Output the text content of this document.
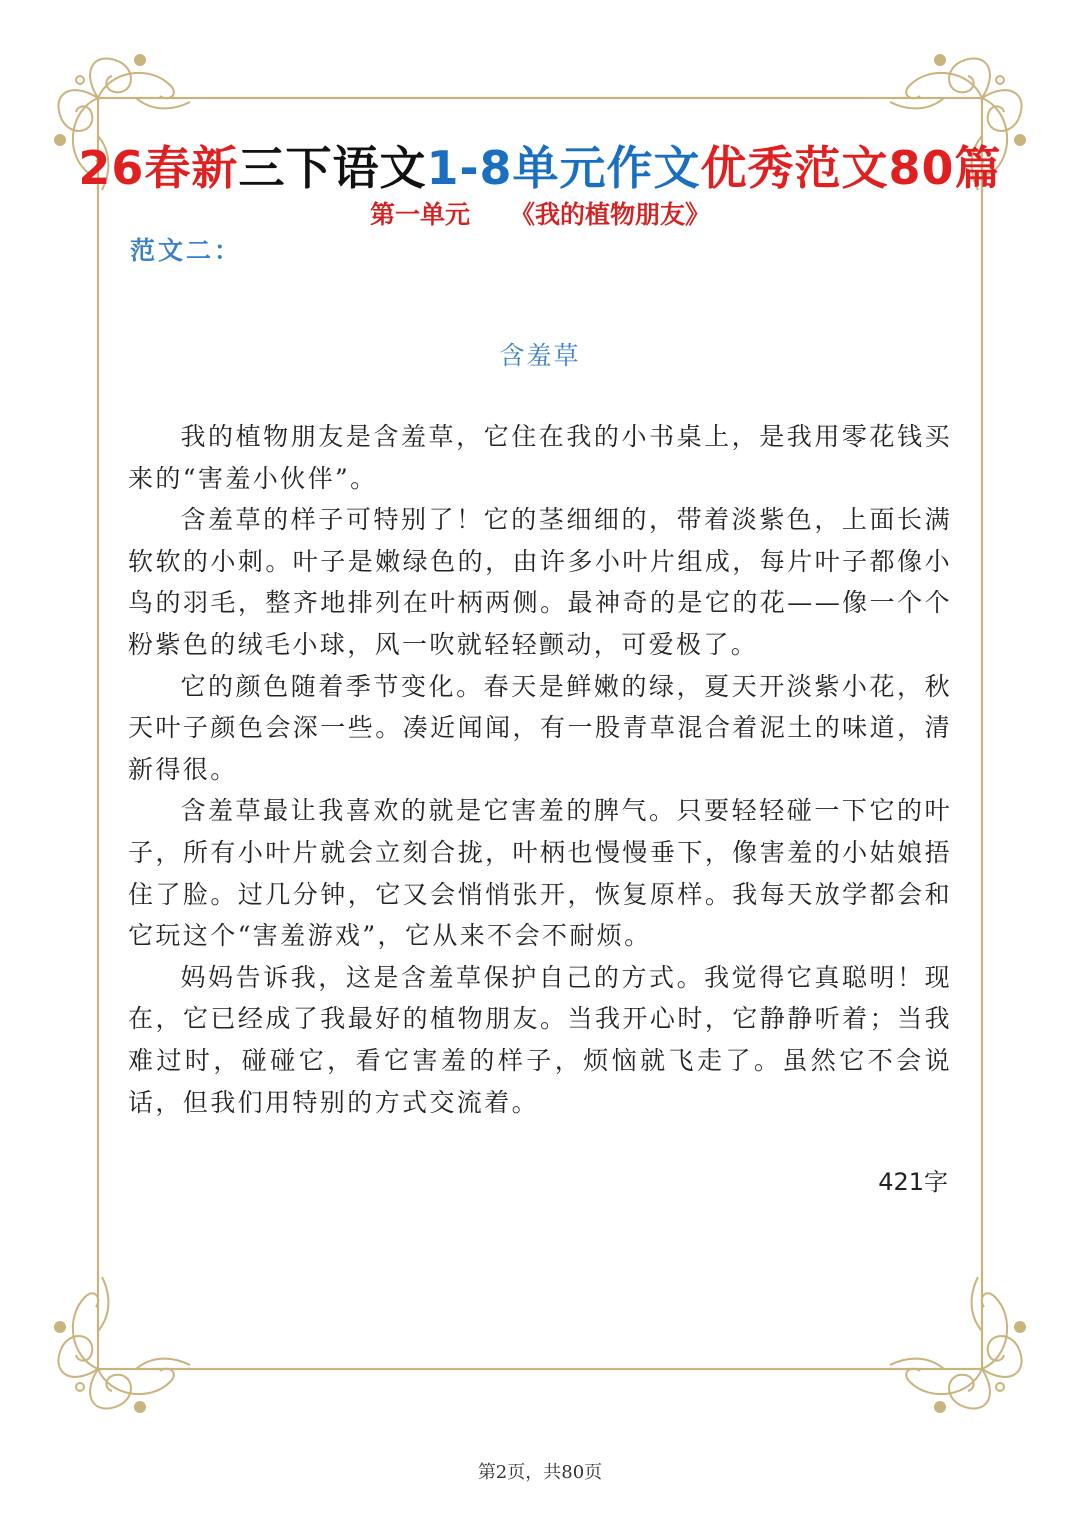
26春新三下语文1-8单元作文优秀范文80篇
第一单元 《我的植物朋友》
范文二：
含羞草

我的植物朋友是含羞草，它住在我的小书桌上，是我用零花钱买来的“害羞小伙伴”。

含羞草的样子可特别了！它的茎细细的，带着淡紫色，上面长满软软的小刺。叶子是嫩绿色的，由许多小叶片组成，每片叶子都像小鸟的羽毛，整齐地排列在叶柄两侧。最神奇的是它的花——像一个个粉紫色的绒毛小球，风一吹就轻轻颤动，可爱极了。

它的颜色随着季节变化。春天是鲜嫩的绿，夏天开淡紫小花，秋天叶子颜色会深一些。凑近闻闻，有一股青草混合着泥土的味道，清新得很。

含羞草最让我喜欢的就是它害羞的脾气。只要轻轻碰一下它的叶子，所有小叶片就会立刻合拢，叶柄也慢慢垂下，像害羞的小姑娘捂住了脸。过几分钟，它又会悄悄张开，恢复原样。我每天放学都会和它玩这个“害羞游戏”，它从来不会不耐烦。

妈妈告诉我，这是含羞草保护自己的方式。我觉得它真聪明！现在，它已经成了我最好的植物朋友。当我开心时，它静静听着；当我难过时，碰碰它，看它害羞的样子，烦恼就飞走了。虽然它不会说话，但我们用特别的方式交流着。

421字
第2页，共80页
